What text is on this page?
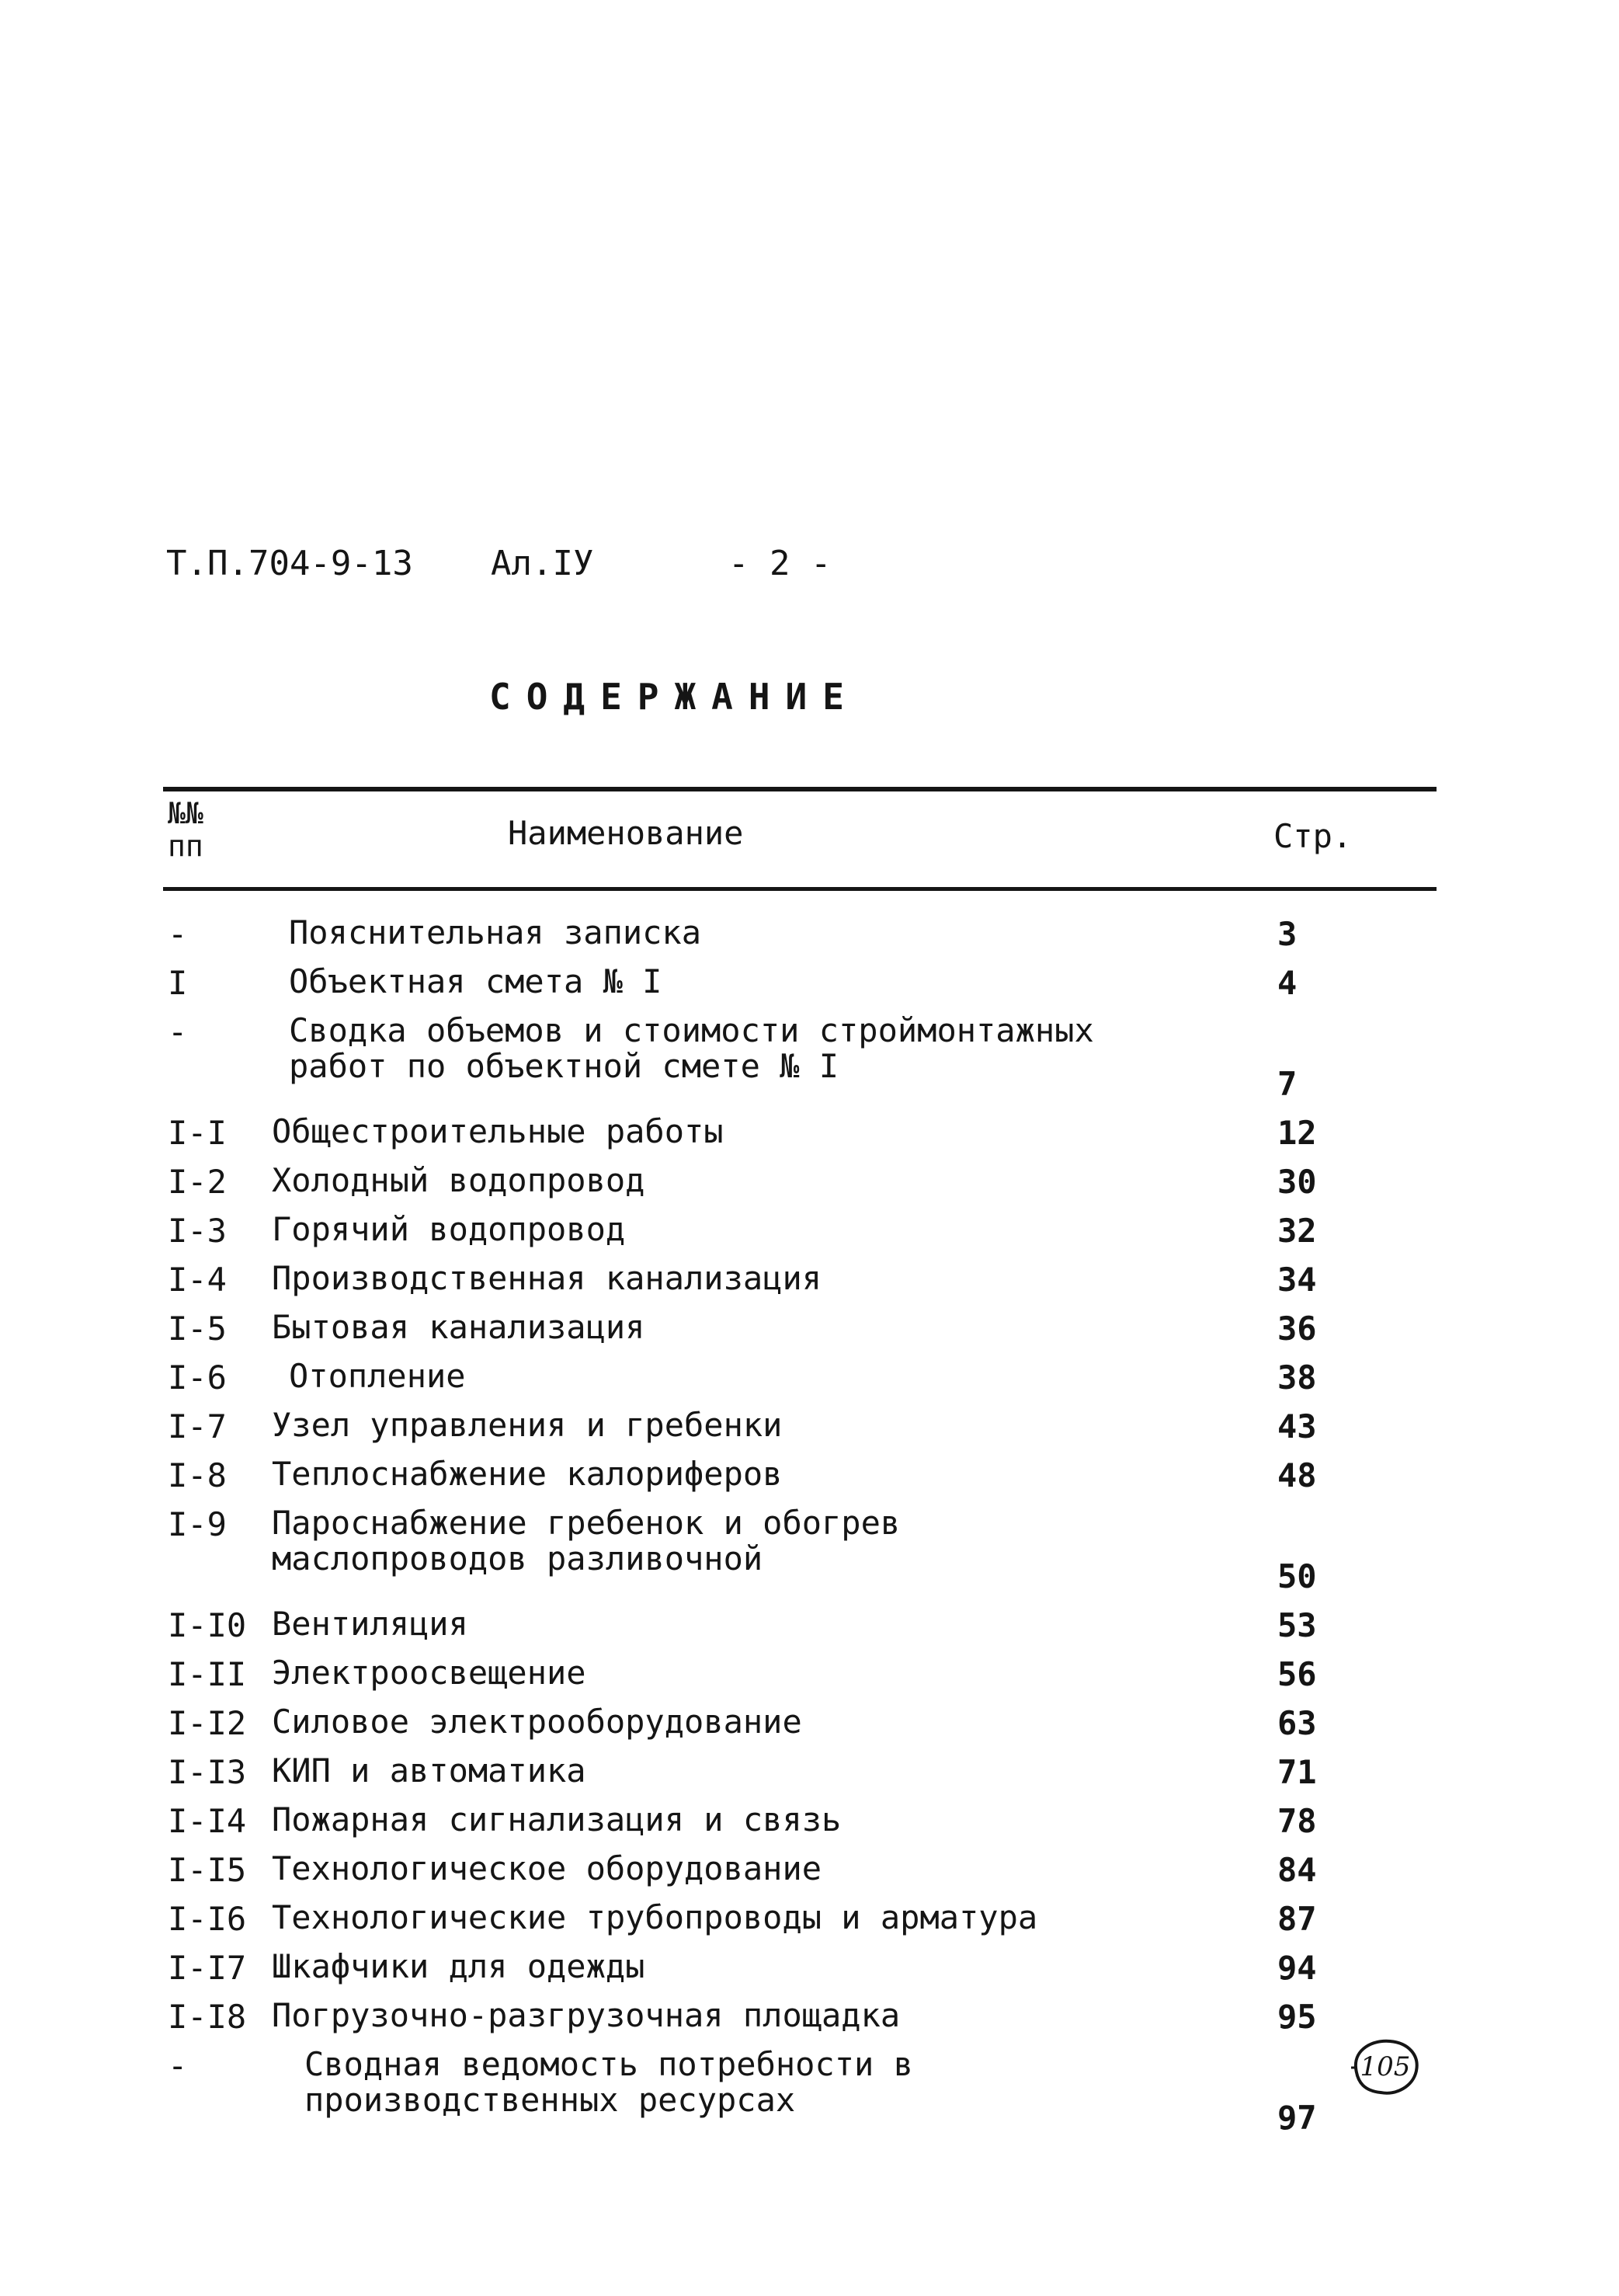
Т.П.704-9-13 Ал.IУ	- 2 -
СОДЕРЖАНИЕ
№№ пп	Наименование	Стр.
-	Пояснительная записка	3
I	Объектная смета № I	4
-	Сводка объемов и стоимости строймонтажных работ по объектной смете № I	7
I-I Общестроительные работы	12
I-2 Холодный водопровод	30
I-3 Горячий водопровод	32
I-4 Производственная канализация	34
I-5 Бытовая канализация	36
I-6 Отопление	38
I-7 Узел управления и гребенки	43
I-8 Теплоснабжение калориферов	48
I-9 Пароснабжение гребенок и обогрев маслопроводов разливочной	50
I-I0 Вентиляция	53
I-II Электроосвещение	56
I-I2 Силовое электрооборудование	63
I-I3 КИП и автоматика	71
I-I4 Пожарная сигнализация и связь	78
I-I5 Технологическое оборудование	84
I-I6 Технологические трубопроводы и арматура	87
I-I7 Шкафчики для одежды	94
I-I8 Погрузочно-разгрузочная площадка	95
-	Сводная ведомость потребности в производственных ресурсах	97
105
